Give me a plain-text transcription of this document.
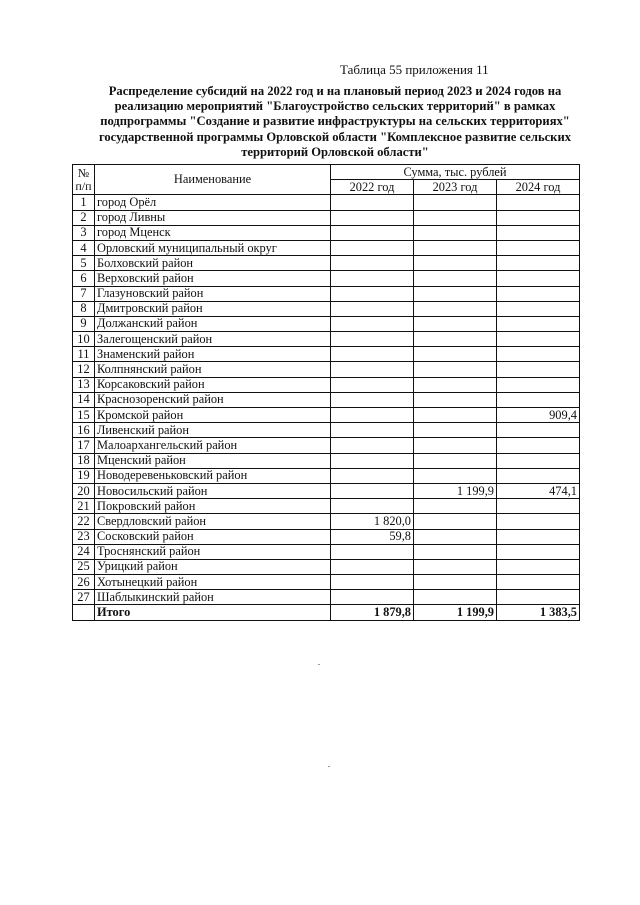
Таблица 55 приложения 11
Распределение субсидий на 2022 год и на плановый период 2023 и 2024 годов на
реализацию мероприятий "Благоустройство сельских территорий" в рамках
подпрограммы "Создание и развитие инфраструктуры на сельских территориях"
государственной программы Орловской области "Комплексное развитие сельских
территорий Орловской области"
№
п/п	Наименование	Сумма, тыс. рублей		
		2022 год	2023 год	2024 год
1	город Орёл			
2	город Ливны			
3	город Мценск			
4	Орловский муниципальный округ			
5	Болховский район			
6	Верховский район			
7	Глазуновский район			
8	Дмитровский район			
9	Должанский район			
10	Залегощенский район			
11	Знаменский район			
12	Колпнянский район			
13	Корсаковский район			
14	Краснозоренский район			
15	Кромской район			909,4
16	Ливенский район			
17	Малоархангельский район			
18	Мценский район			
19	Новодеревеньковский район			
20	Новосильский район		1 199,9	474,1
21	Покровский район			
22	Свердловский район	1 820,0		
23	Сосковский район	59,8		
24	Троснянский район			
25	Урицкий район			
26	Хотынецкий район			
27	Шаблыкинский район			
	Итого	1 879,8	1 199,9	1 383,5
